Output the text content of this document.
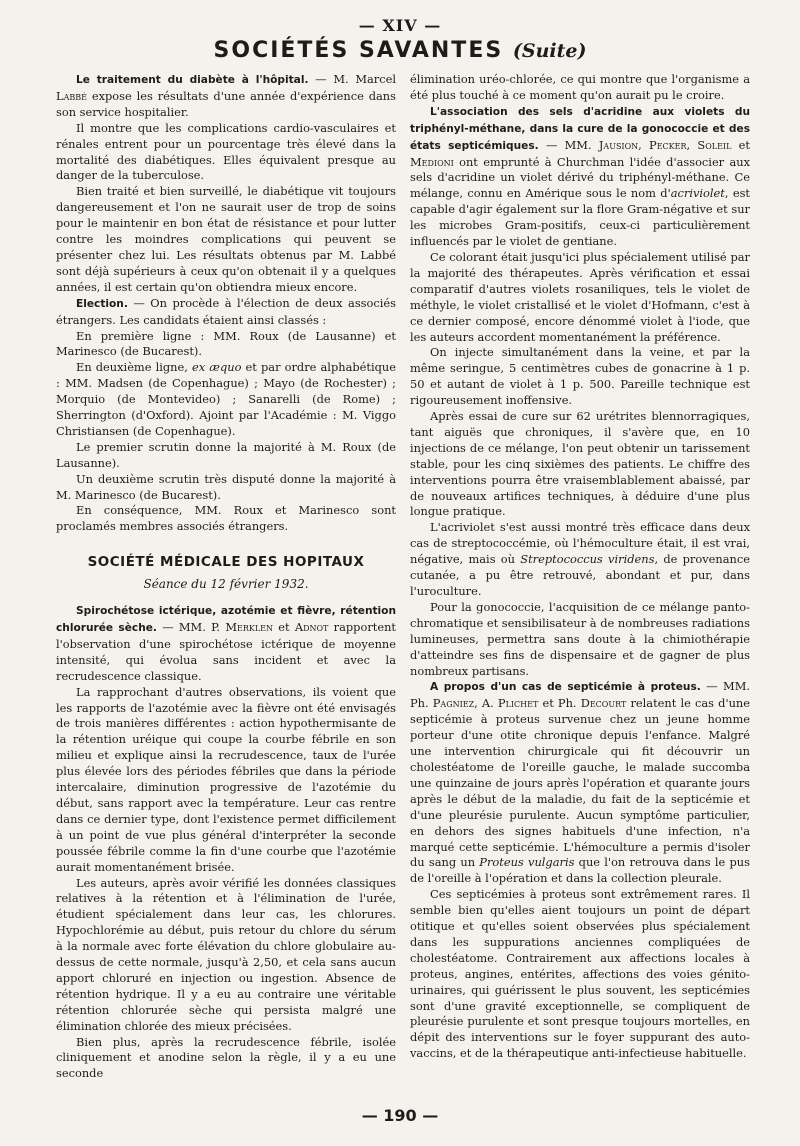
— XIV —
SOCIÉTÉS SAVANTES (Suite)

Le traitement du diabète à l'hôpital. — M. Marcel Labbé expose les résultats d'une année d'expérience dans son service hospitalier.

Il montre que les complications cardio-vasculaires et rénales entrent pour un pourcentage très élevé dans la mortalité des diabétiques. Elles équivalent presque au danger de la tuberculose.

Bien traité et bien surveillé, le diabétique vit toujours dangereusement et l'on ne saurait user de trop de soins pour le maintenir en bon état de résistance et pour lutter contre les moindres complications qui peuvent se présenter chez lui. Les résultats obtenus par M. Labbé sont déjà supérieurs à ceux qu'on obtenait il y a quelques années, il est certain qu'on obtiendra mieux encore.

Election. — On procède à l'élection de deux associés étrangers. Les candidats étaient ainsi classés :

En première ligne : MM. Roux (de Lausanne) et Marinesco (de Bucarest).

En deuxième ligne, ex æquo et par ordre alphabétique : MM. Madsen (de Copenhague) ; Mayo (de Rochester) ; Morquio (de Montevideo) ; Sanarelli (de Rome) ; Sherrington (d'Oxford). Ajoint par l'Académie : M. Viggo Christiansen (de Copenhague).

Le premier scrutin donne la majorité à M. Roux (de Lausanne).

Un deuxième scrutin très disputé donne la majorité à M. Marinesco (de Bucarest).

En conséquence, MM. Roux et Marinesco sont proclamés membres associés étrangers.

SOCIÉTÉ MÉDICALE DES HOPITAUX
Séance du 12 février 1932.

Spirochétose ictérique, azotémie et fièvre, rétention chlorurée sèche. — MM. P. Merklen et Adnot rapportent l'observation d'une spirochétose ictérique de moyenne intensité, qui évolua sans incident et avec la recrudescence classique.

La rapprochant d'autres observations, ils voient que les rapports de l'azotémie avec la fièvre ont été envisagés de trois manières différentes : action hypothermisante de la rétention uréique qui coupe la courbe fébrile en son milieu et explique ainsi la recrudescence, taux de l'urée plus élevée lors des périodes fébriles que dans la période intercalaire, diminution progressive de l'azotémie du début, sans rapport avec la température. Leur cas rentre dans ce dernier type, dont l'existence permet difficilement à un point de vue plus général d'interpréter la seconde poussée fébrile comme la fin d'une courbe que l'azotémie aurait momentanément brisée.

Les auteurs, après avoir vérifié les données classiques relatives à la rétention et à l'élimination de l'urée, étudient spécialement dans leur cas, les chlorures. Hypochlorémie au début, puis retour du chlore du sérum à la normale avec forte élévation du chlore globulaire au-dessus de cette normale, jusqu'à 2,50, et cela sans aucun apport chloruré en injection ou ingestion. Absence de rétention hydrique. Il y a eu au contraire une véritable rétention chlorurée sèche qui persista malgré une élimination chlorée des mieux précisées.

Bien plus, après la recrudescence fébrile, isolée cliniquement et anodine selon la règle, il y a eu une seconde

élimination uréo-chlorée, ce qui montre que l'organisme a été plus touché à ce moment qu'on aurait pu le croire.

L'association des sels d'acridine aux violets du triphényl-méthane, dans la cure de la gonococcie et des états septicémiques. — MM. Jausion, Pecker, Soleil et Medioni ont emprunté à Churchman l'idée d'associer aux sels d'acridine un violet dérivé du triphényl-méthane. Ce mélange, connu en Amérique sous le nom d'acriviolet, est capable d'agir également sur la flore Gram-négative et sur les microbes Gram-positifs, ceux-ci particulièrement influencés par le violet de gentiane.

Ce colorant était jusqu'ici plus spécialement utilisé par la majorité des thérapeutes. Après vérification et essai comparatif d'autres violets rosaniliques, tels le violet de méthyle, le violet cristallisé et le violet d'Hofmann, c'est à ce dernier composé, encore dénommé violet à l'iode, que les auteurs accordent momentanément la préférence.

On injecte simultanément dans la veine, et par la même seringue, 5 centimètres cubes de gonacrine à 1 p. 50 et autant de violet à 1 p. 500. Pareille technique est rigoureusement inoffensive.

Après essai de cure sur 62 urétrites blennorragiques, tant aiguës que chroniques, il s'avère que, en 10 injections de ce mélange, l'on peut obtenir un tarissement stable, pour les cinq sixièmes des patients. Le chiffre des interventions pourra être vraisemblablement abaissé, par de nouveaux artifices techniques, à déduire d'une plus longue pratique.

L'acriviolet s'est aussi montré très efficace dans deux cas de streptococcémie, où l'hémoculture était, il est vrai, négative, mais où Streptococcus viridens, de provenance cutanée, a pu être retrouvé, abondant et pur, dans l'uroculture.

Pour la gonococcie, l'acquisition de ce mélange panto-chromatique et sensibilisateur à de nombreuses radiations lumineuses, permettra sans doute à la chimiothérapie d'atteindre ses fins de dispensaire et de gagner de plus nombreux partisans.

A propos d'un cas de septicémie à proteus. — MM. Ph. Pagniez, A. Plichet et Ph. Decourt relatent le cas d'une septicémie à proteus survenue chez un jeune homme porteur d'une otite chronique depuis l'enfance. Malgré une intervention chirurgicale qui fit découvrir un cholestéatome de l'oreille gauche, le malade succomba une quinzaine de jours après l'opération et quarante jours après le début de la maladie, du fait de la septicémie et d'une pleurésie purulente. Aucun symptôme particulier, en dehors des signes habituels d'une infection, n'a marqué cette septicémie. L'hémoculture a permis d'isoler du sang un Proteus vulgaris que l'on retrouva dans le pus de l'oreille à l'opération et dans la collection pleurale.

Ces septicémies à proteus sont extrêmement rares. Il semble bien qu'elles aient toujours un point de départ otitique et qu'elles soient observées plus spécialement dans les suppurations anciennes compliquées de cholestéatome. Contrairement aux affections locales à proteus, angines, entérites, affections des voies génito-urinaires, qui guérissent le plus souvent, les septicémies sont d'une gravité exceptionnelle, se compliquent de pleurésie purulente et sont presque toujours mortelles, en dépit des interventions sur le foyer suppurant des auto-vaccins, et de la thérapeutique anti-infectieuse habituelle.

— 190 —
